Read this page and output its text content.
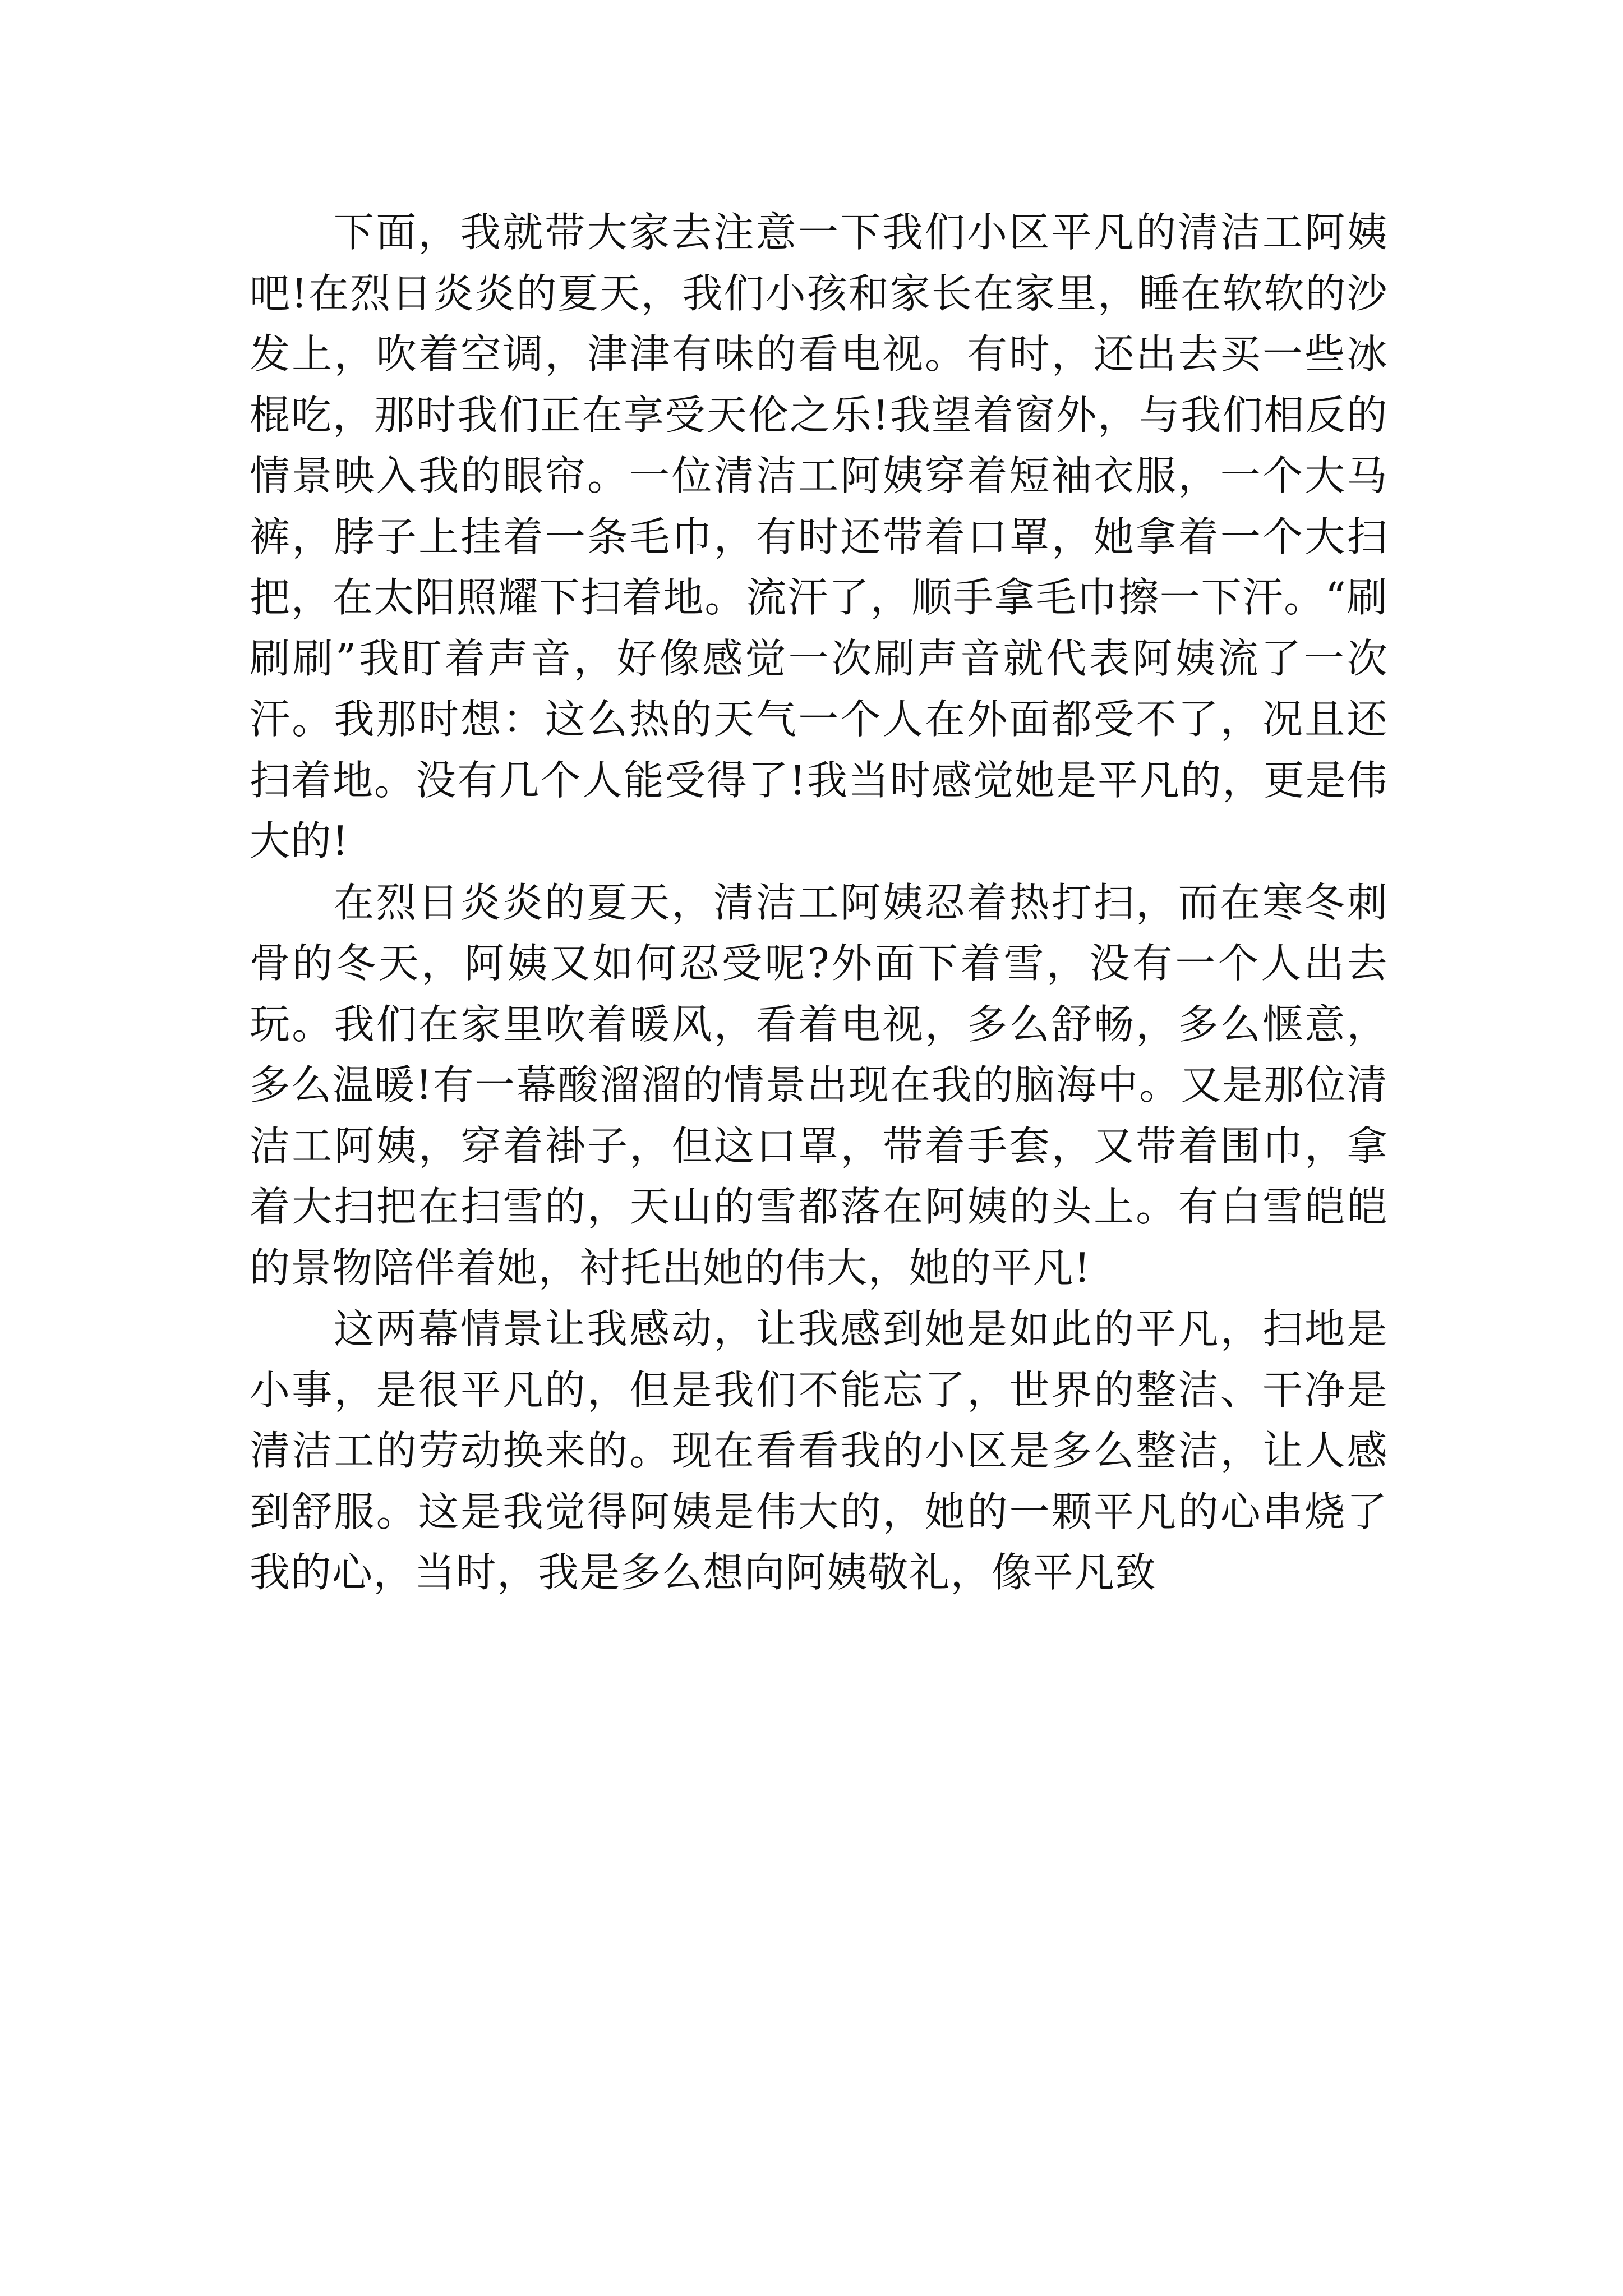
下面，我就带大家去注意一下我们小区平凡的清洁工阿姨吧!在烈日炎炎的夏天，我们小孩和家长在家里，睡在软软的沙发上，吹着空调，津津有味的看电视。有时，还出去买一些冰棍吃，那时我们正在享受天伦之乐!我望着窗外，与我们相反的情景映入我的眼帘。一位清洁工阿姨穿着短袖衣服，一个大马裤，脖子上挂着一条毛巾，有时还带着口罩，她拿着一个大扫把，在太阳照耀下扫着地。流汗了，顺手拿毛巾擦一下汗。“刷刷刷”我盯着声音，好像感觉一次刷声音就代表阿姨流了一次汗。我那时想：这么热的天气一个人在外面都受不了，况且还扫着地。没有几个人能受得了!我当时感觉她是平凡的，更是伟大的!

在烈日炎炎的夏天，清洁工阿姨忍着热打扫，而在寒冬刺骨的冬天，阿姨又如何忍受呢?外面下着雪，没有一个人出去玩。我们在家里吹着暖风，看着电视，多么舒畅，多么惬意，多么温暖!有一幕酸溜溜的情景出现在我的脑海中。又是那位清洁工阿姨，穿着褂子，但这口罩，带着手套，又带着围巾，拿着大扫把在扫雪的，天山的雪都落在阿姨的头上。有白雪皑皑的景物陪伴着她，衬托出她的伟大，她的平凡!

这两幕情景让我感动，让我感到她是如此的平凡，扫地是小事，是很平凡的，但是我们不能忘了，世界的整洁、干净是清洁工的劳动换来的。现在看看我的小区是多么整洁，让人感到舒服。这是我觉得阿姨是伟大的，她的一颗平凡的心串烧了我的心，当时，我是多么想向阿姨敬礼，像平凡致
